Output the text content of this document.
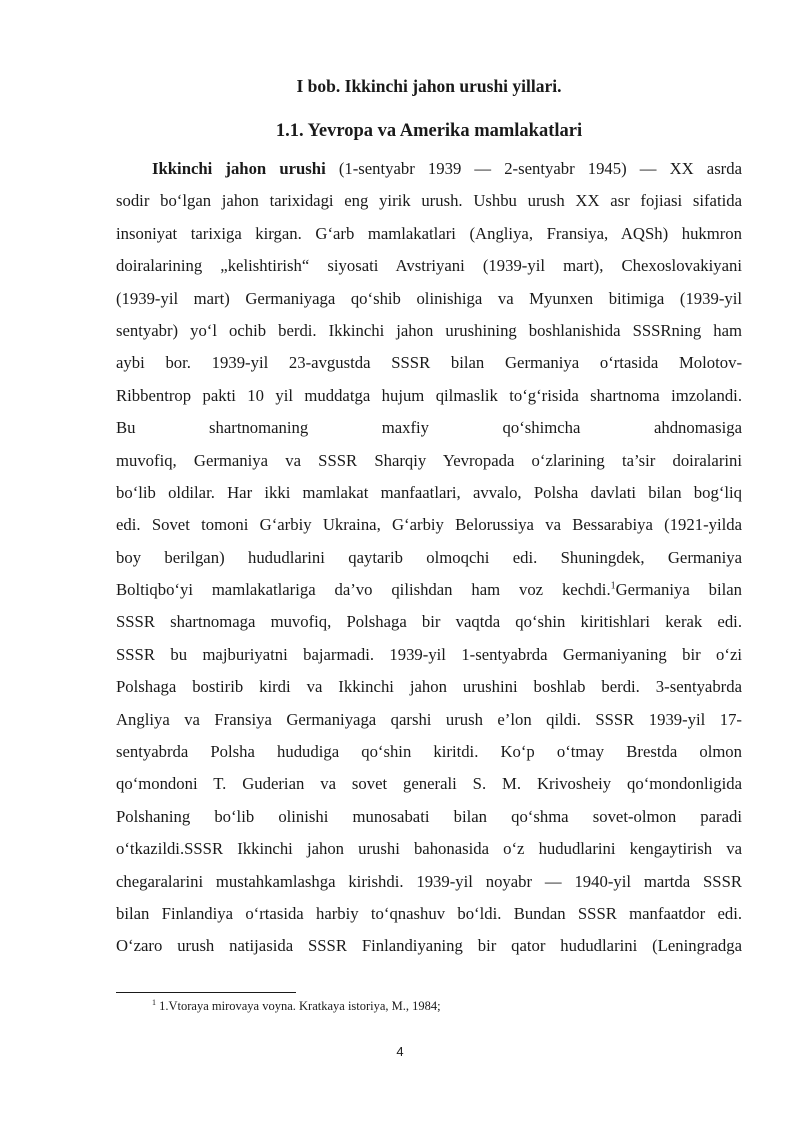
I bob. Ikkinchi jahon urushi yillari.
1.1. Yevropa va Amerika mamlakatlari
Ikkinchi jahon urushi (1-sentyabr 1939 — 2-sentyabr 1945) — XX asrda
sodir bo‘lgan jahon tarixidagi eng yirik urush. Ushbu urush XX asr fojiasi sifatida
insoniyat tarixiga kirgan. G‘arb mamlakatlari (Angliya, Fransiya, AQSh) hukmron
doiralarining „kelishtirish“ siyosati Avstriyani (1939-yil mart), Chexoslovakiyani
(1939-yil mart) Germaniyaga qo‘shib olinishiga va Myunxen bitimiga (1939-yil
sentyabr) yo‘l ochib berdi. Ikkinchi jahon urushining boshlanishida SSSRning ham
aybi bor. 1939-yil 23-avgustda SSSR bilan Germaniya o‘rtasida Molotov-
Ribbentrop pakti 10 yil muddatga hujum qilmaslik to‘g‘risida shartnoma imzolandi.
Bu shartnomaning maxfiy qo‘shimcha ahdnomasiga
muvofiq, Germaniya va SSSR Sharqiy Yevropada o‘zlarining ta’sir doiralarini
bo‘lib oldilar. Har ikki mamlakat manfaatlari, avvalo, Polsha davlati bilan bog‘liq
edi. Sovet tomoni G‘arbiy Ukraina, G‘arbiy Belorussiya va Bessarabiya (1921-yilda
boy berilgan) hududlarini qaytarib olmoqchi edi. Shuningdek, Germaniya
Boltiqbo‘yi mamlakatlariga da’vo qilishdan ham voz kechdi.$^1$Germaniya bilan
SSSR shartnomaga muvofiq, Polshaga bir vaqtda qo‘shin kiritishlari kerak edi.
SSSR bu majburiyatni bajarmadi. 1939-yil 1-sentyabrda Germaniyaning bir o‘zi
Polshaga bostirib kirdi va Ikkinchi jahon urushini boshlab berdi. 3-sentyabrda
Angliya va Fransiya Germaniyaga qarshi urush e’lon qildi. SSSR 1939-yil 17-
sentyabrda Polsha hududiga qo‘shin kiritdi. Ko‘p o‘tmay Brestda olmon
qo‘mondoni T. Guderian va sovet generali S. M. Krivosheiy qo‘mondonligida
Polshaning bo‘lib olinishi munosabati bilan qo‘shma sovet-olmon paradi
o‘tkazildi.SSSR Ikkinchi jahon urushi bahonasida o‘z hududlarini kengaytirish va
chegaralarini mustahkamlashga kirishdi. 1939-yil noyabr — 1940-yil martda SSSR
bilan Finlandiya o‘rtasida harbiy to‘qnashuv bo‘ldi. Bundan SSSR manfaatdor edi.
O‘zaro urush natijasida SSSR Finlandiyaning bir qator hududlarini (Leningradga
$^1$ 1.Vtoraya mirovaya voyna. Kratkaya istoriya, M., 1984;
4
